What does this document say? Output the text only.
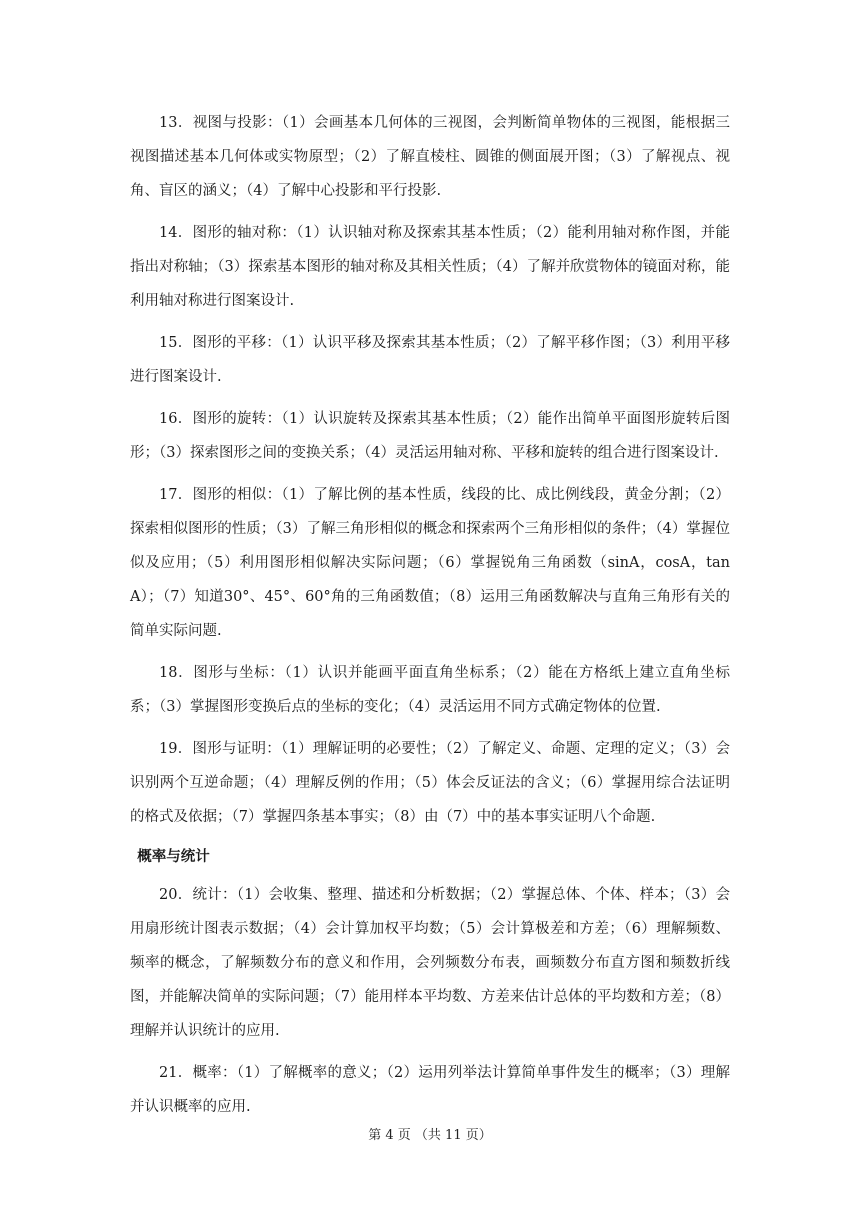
13．视图与投影：（1）会画基本几何体的三视图，会判断简单物体的三视图，能根据三视图描述基本几何体或实物原型；（2）了解直棱柱、圆锥的侧面展开图；（3）了解视点、视角、盲区的涵义；（4）了解中心投影和平行投影.

14．图形的轴对称：（1）认识轴对称及探索其基本性质；（2）能利用轴对称作图，并能指出对称轴；（3）探索基本图形的轴对称及其相关性质；（4）了解并欣赏物体的镜面对称，能利用轴对称进行图案设计.

15．图形的平移：（1）认识平移及探索其基本性质；（2）了解平移作图；（3）利用平移进行图案设计.

16．图形的旋转：（1）认识旋转及探索其基本性质；（2）能作出简单平面图形旋转后图形；（3）探索图形之间的变换关系；（4）灵活运用轴对称、平移和旋转的组合进行图案设计.

17．图形的相似：（1）了解比例的基本性质，线段的比、成比例线段，黄金分割；（2）探索相似图形的性质；（3）了解三角形相似的概念和探索两个三角形相似的条件；（4）掌握位似及应用；（5）利用图形相似解决实际问题；（6）掌握锐角三角函数（sinA，cosA，tanA）；（7）知道30°、45°、60°角的三角函数值；（8）运用三角函数解决与直角三角形有关的简单实际问题.

18．图形与坐标：（1）认识并能画平面直角坐标系；（2）能在方格纸上建立直角坐标系；（3）掌握图形变换后点的坐标的变化；（4）灵活运用不同方式确定物体的位置.

19．图形与证明：（1）理解证明的必要性；（2）了解定义、命题、定理的定义；（3）会识别两个互逆命题；（4）理解反例的作用；（5）体会反证法的含义；（6）掌握用综合法证明的格式及依据；（7）掌握四条基本事实；（8）由（7）中的基本事实证明八个命题.

概率与统计

20．统计：（1）会收集、整理、描述和分析数据；（2）掌握总体、个体、样本；（3）会用扇形统计图表示数据；（4）会计算加权平均数；（5）会计算极差和方差；（6）理解频数、频率的概念，了解频数分布的意义和作用，会列频数分布表，画频数分布直方图和频数折线图，并能解决简单的实际问题；（7）能用样本平均数、方差来估计总体的平均数和方差；（8）理解并认识统计的应用.

21．概率：（1）了解概率的意义；（2）运用列举法计算简单事件发生的概率；（3）理解并认识概率的应用.

第 4 页 （共 11 页）
